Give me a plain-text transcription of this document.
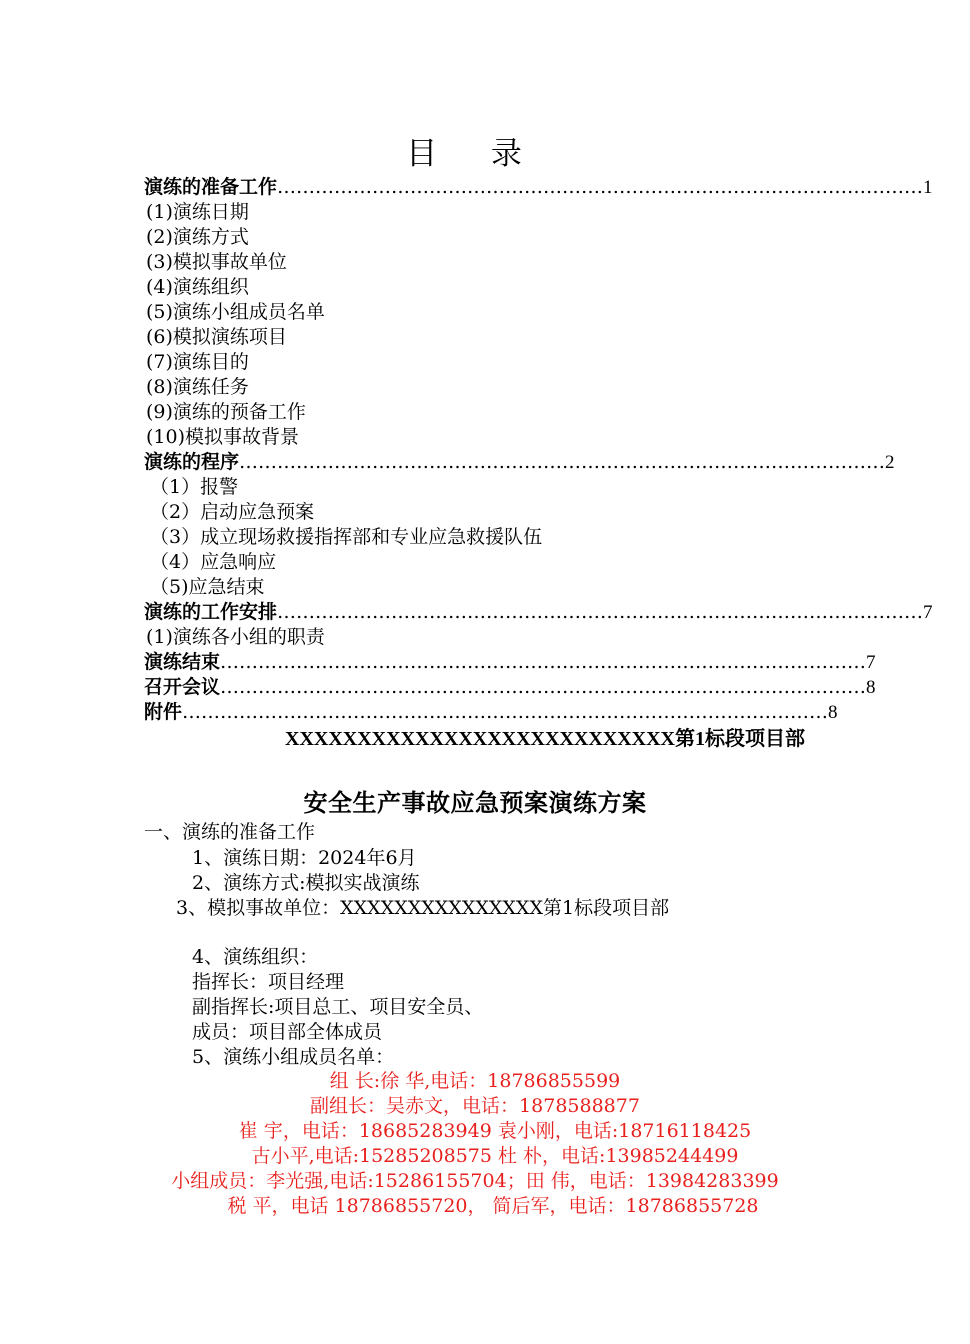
目 录
演练的准备工作 ………………………………………………………………………………………… 1
(1)演练日期
(2)演练方式
(3)模拟事故单位
(4)演练组织
(5)演练小组成员名单
(6)模拟演练项目
(7)演练目的
(8)演练任务
(9)演练的预备工作
(10)模拟事故背景
演练的程序 ………………………………………………………………………………………… 2
（1）报警
（2）启动应急预案
（3）成立现场救援指挥部和专业应急救援队伍
（4）应急响应
（5)应急结束
演练的工作安排 ………………………………………………………………………………………… 7
(1)演练各小组的职责
演练结束 ………………………………………………………………………………………… 7
召开会议 ………………………………………………………………………………………… 8
附件 ………………………………………………………………………………………… 8
XXXXXXXXXXXXXXXXXXXXXXXXXXX第1标段项目部
安全生产事故应急预案演练方案
一、演练的准备工作
1、演练日期：2024年6月
2、演练方式:模拟实战演练
3、模拟事故单位：XXXXXXXXXXXXXXX第1标段项目部
4、演练组织：
指挥长：项目经理
副指挥长:项目总工、项目安全员、
成员：项目部全体成员
5、演练小组成员名单：
组 长:徐 华,电话：18786855599
副组长：吴赤文，电话：1878588877
崔 宇，电话：18685283949 袁小刚，电话:18716118425
古小平,电话:15285208575 杜 朴，电话:13985244499
小组成员：李光强,电话:15286155704；田 伟，电话：13984283399
税 平，电话 18786855720， 简后军，电话：18786855728
